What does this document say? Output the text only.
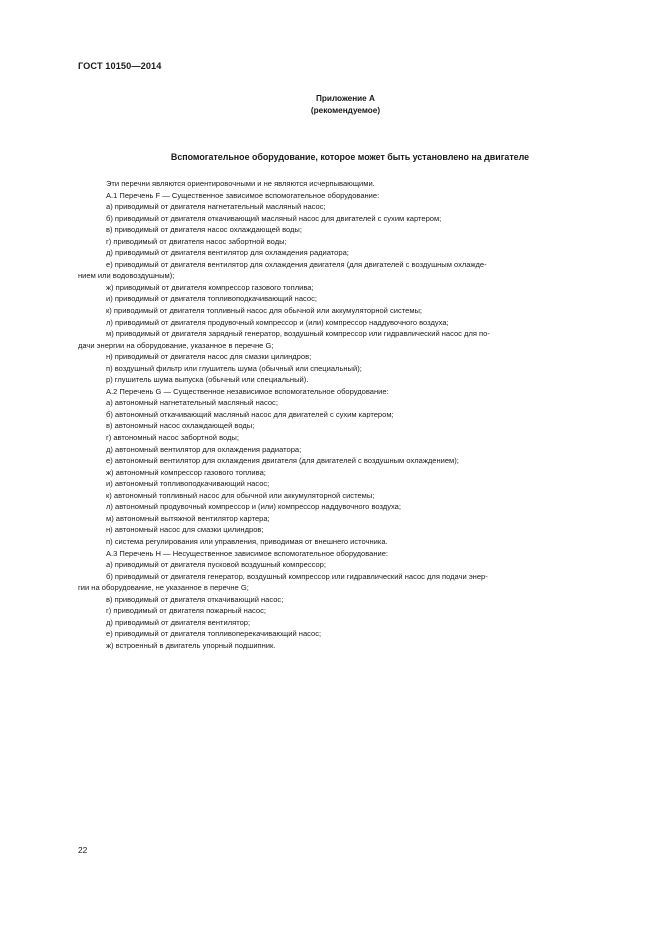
ГОСТ 10150—2014
Приложение А
(рекомендуемое)
Вспомогательное оборудование, которое может быть установлено на двигателе
Эти перечни являются ориентировочными и не являются исчерпывающими.
А.1 Перечень F — Существенное зависимое вспомогательное оборудование:
а) приводимый от двигателя нагнетательный масляный насос;
б) приводимый от двигателя откачивающий масляный насос для двигателей с сухим картером;
в) приводимый от двигателя насос охлаждающей воды;
г) приводимый от двигателя насос забортной воды;
д) приводимый от двигателя вентилятор для охлаждения радиатора;
е) приводимый от двигателя вентилятор для охлаждения двигателя (для двигателей с воздушным охлажде-
нием или водовоздушным);
ж) приводимый от двигателя компрессор газового топлива;
и) приводимый от двигателя топливоподкачивающий насос;
к) приводимый от двигателя топливный насос для обычной или аккумуляторной системы;
л) приводимый от двигателя продувочный компрессор и (или) компрессор наддувочного воздуха;
м) приводимый от двигателя зарядный генератор, воздушный компрессор или гидравлический насос для по-
дачи энергии на оборудование, указанное в перечне G;
н) приводимый от двигателя насос для смазки цилиндров;
п) воздушный фильтр или глушитель шума (обычный или специальный);
р) глушитель шума выпуска (обычный или специальный).
А.2 Перечень G — Существенное независимое вспомогательное оборудование:
а) автономный нагнетательный масляный насос;
б) автономный откачивающий масляный насос для двигателей с сухим картером;
в) автономный насос охлаждающей воды;
г) автономный насос забортной воды;
д) автономный вентилятор для охлаждения радиатора;
е) автономный вентилятор для охлаждения двигателя (для двигателей с воздушным охлаждением);
ж) автономный компрессор газового топлива;
и) автономный топливоподкачивающий насос;
к) автономный топливный насос для обычной или аккумуляторной системы;
л) автономный продувочный компрессор и (или) компрессор наддувочного воздуха;
м) автономный вытяжной вентилятор картера;
н) автономный насос для смазки цилиндров;
п) система регулирования или управления, приводимая от внешнего источника.
А.3 Перечень H — Несущественное зависимое вспомогательное оборудование:
а) приводимый от двигателя пусковой воздушный компрессор;
б) приводимый от двигателя генератор, воздушный компрессор или гидравлический насос для подачи энер-
гии на оборудование, не указанное в перечне G;
в) приводимый от двигателя откачивающий насос;
г) приводимый от двигателя пожарный насос;
д) приводимый от двигателя вентилятор;
е) приводимый от двигателя топливоперекачивающий насос;
ж) встроенный в двигатель упорный подшипник.
22
